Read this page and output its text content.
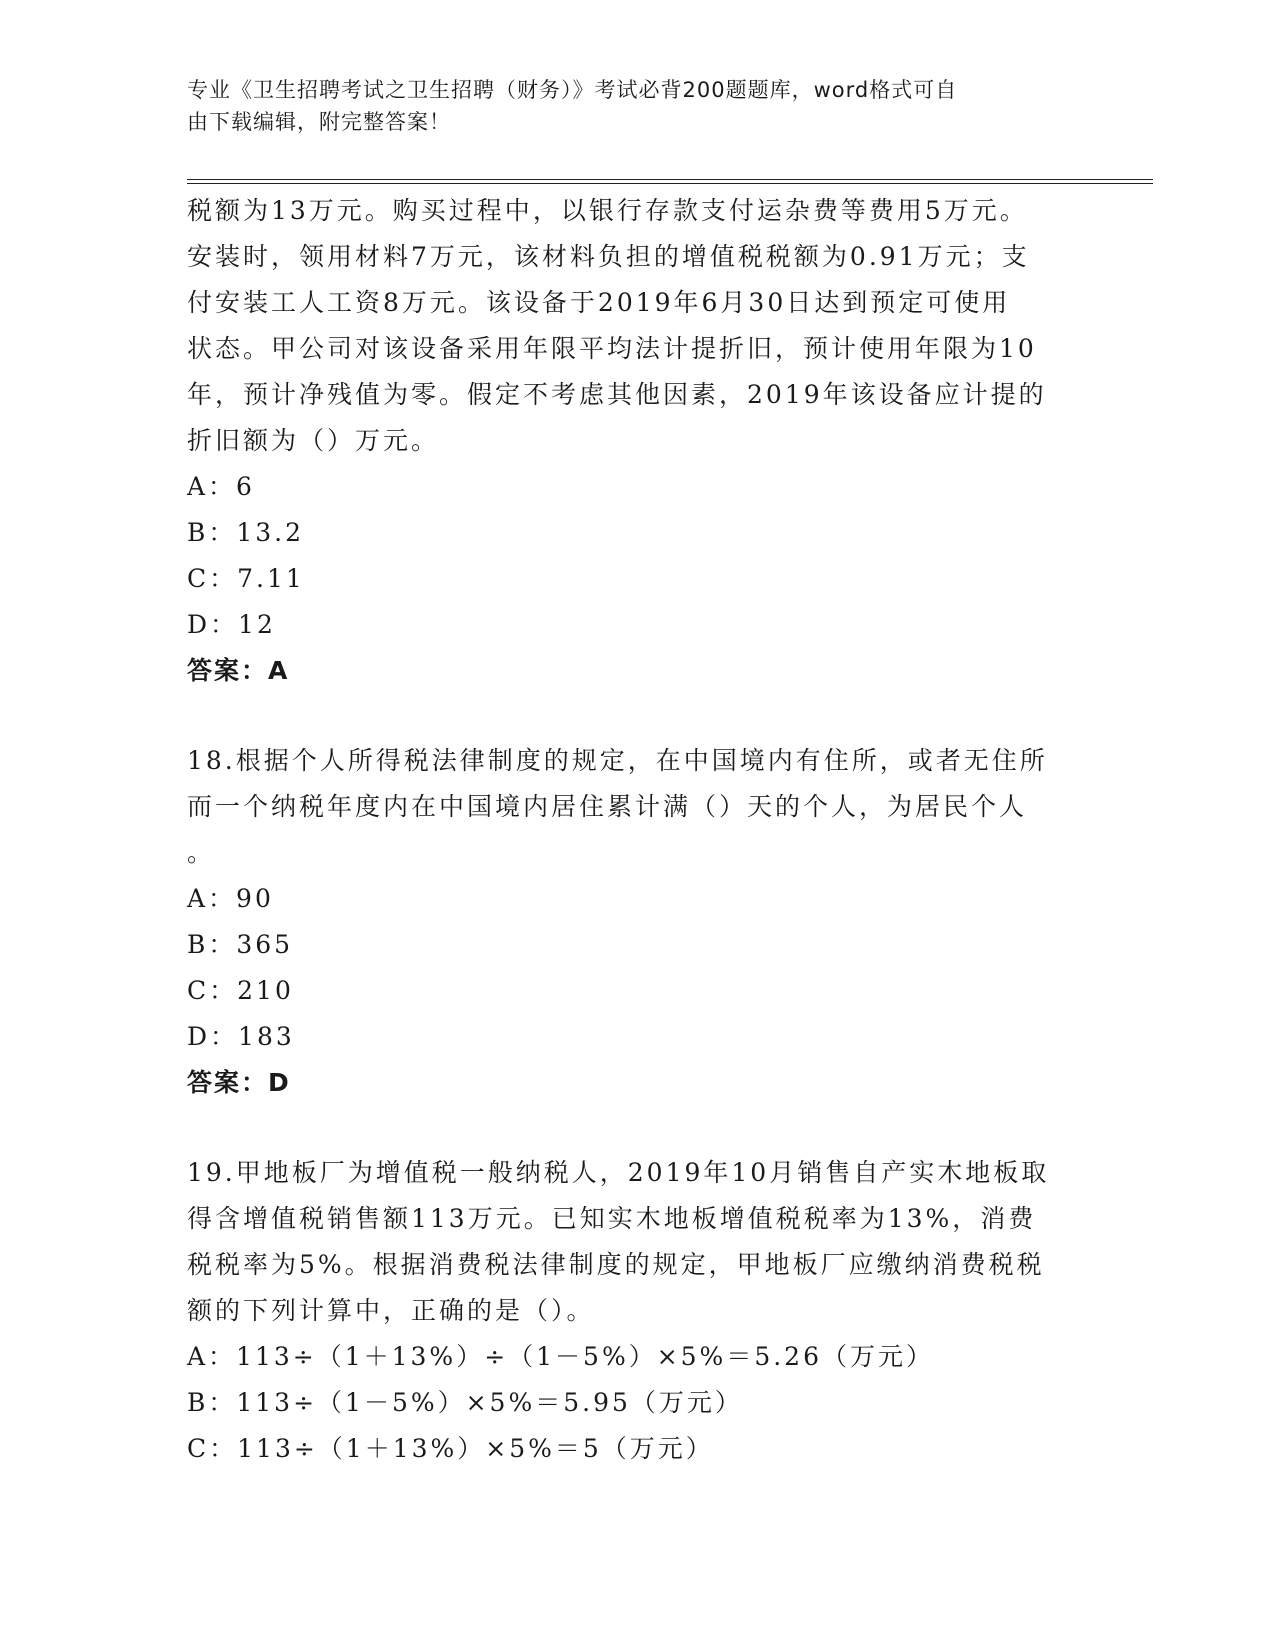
专业《卫生招聘考试之卫生招聘（财务）》考试必背200题题库，word格式可自
由下载编辑，附完整答案！
税额为13万元。购买过程中，以银行存款支付运杂费等费用5万元。
安装时，领用材料7万元，该材料负担的增值税税额为0.91万元；支
付安装工人工资8万元。该设备于2019年6月30日达到预定可使用
状态。甲公司对该设备采用年限平均法计提折旧，预计使用年限为10
年，预计净残值为零。假定不考虑其他因素，2019年该设备应计提的
折旧额为（）万元。
A：6
B：13.2
C：7.11
D：12
答案：A
18.根据个人所得税法律制度的规定，在中国境内有住所，或者无住所
而一个纳税年度内在中国境内居住累计满（）天的个人，为居民个人
。
A：90
B：365
C：210
D：183
答案：D
19.甲地板厂为增值税一般纳税人，2019年10月销售自产实木地板取
得含增值税销售额113万元。已知实木地板增值税税率为13%，消费
税税率为5%。根据消费税法律制度的规定，甲地板厂应缴纳消费税税
额的下列计算中，正确的是（）。
A：113÷（1＋13%）÷（1－5%）×5%＝5.26（万元）
B：113÷（1－5%）×5%＝5.95（万元）
C：113÷（1＋13%）×5%＝5（万元）
